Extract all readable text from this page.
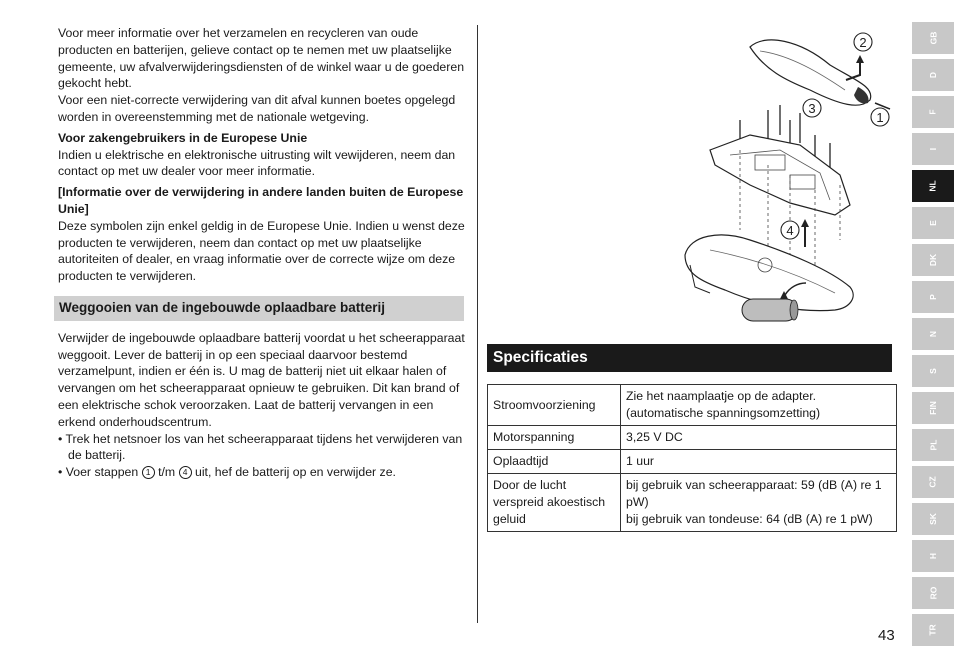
Voor meer informatie over het verzamelen en recycleren van oude producten en batterijen, gelieve contact op te nemen met uw plaatselijke gemeente, uw afvalverwijderingsdiensten of de winkel waar u de goederen gekocht hebt.

Voor een niet-correcte verwijdering van dit afval kunnen boetes opgelegd worden in overeenstemming met de nationale wetgeving.

Voor zakengebruikers in de Europese Unie

Indien u elektrische en elektronische uitrusting wilt vewijderen, neem dan contact op met uw dealer voor meer informatie.

[Informatie over de verwijdering in andere landen buiten de Europese Unie]

Deze symbolen zijn enkel geldig in de Europese Unie. Indien u wenst deze producten te verwijderen, neem dan contact op met uw plaatselijke autoriteiten of dealer, en vraag informatie over de correcte wijze om deze producten te verwijderen.

Weggooien van de ingebouwde oplaadbare batterij

Verwijder de ingebouwde oplaadbare batterij voordat u het scheerapparaat weggooit. Lever de batterij in op een speciaal daarvoor bestemd verzamelpunt, indien er één is. U mag de batterij niet uit elkaar halen of vervangen om het scheerapparaat opnieuw te gebruiken. Dit kan brand of een elektrische schok veroorzaken. Laat de batterij vervangen in een erkend onderhoudscentrum.

• Trek het netsnoer los van het scheerapparaat tijdens het verwijderen van de batterij.

• Voer stappen 1 t/m 4 uit, hef de batterij op en verwijder ze.

2
1
3
4
Specificaties
Stroomvoorziening	Zie het naamplaatje op de adapter.
(automatische spanningsomzetting)
Motorspanning	3,25 V DC
Oplaadtijd	1 uur
Door de lucht verspreid akoestisch geluid	bij gebruik van scheerapparaat: 59 (dB (A) re 1 pW)
bij gebruik van tondeuse: 64 (dB (A) re 1 pW)
GB
D
F
I
NL
E
DK
P
N
S
FIN
PL
CZ
SK
H
RO
TR
43
